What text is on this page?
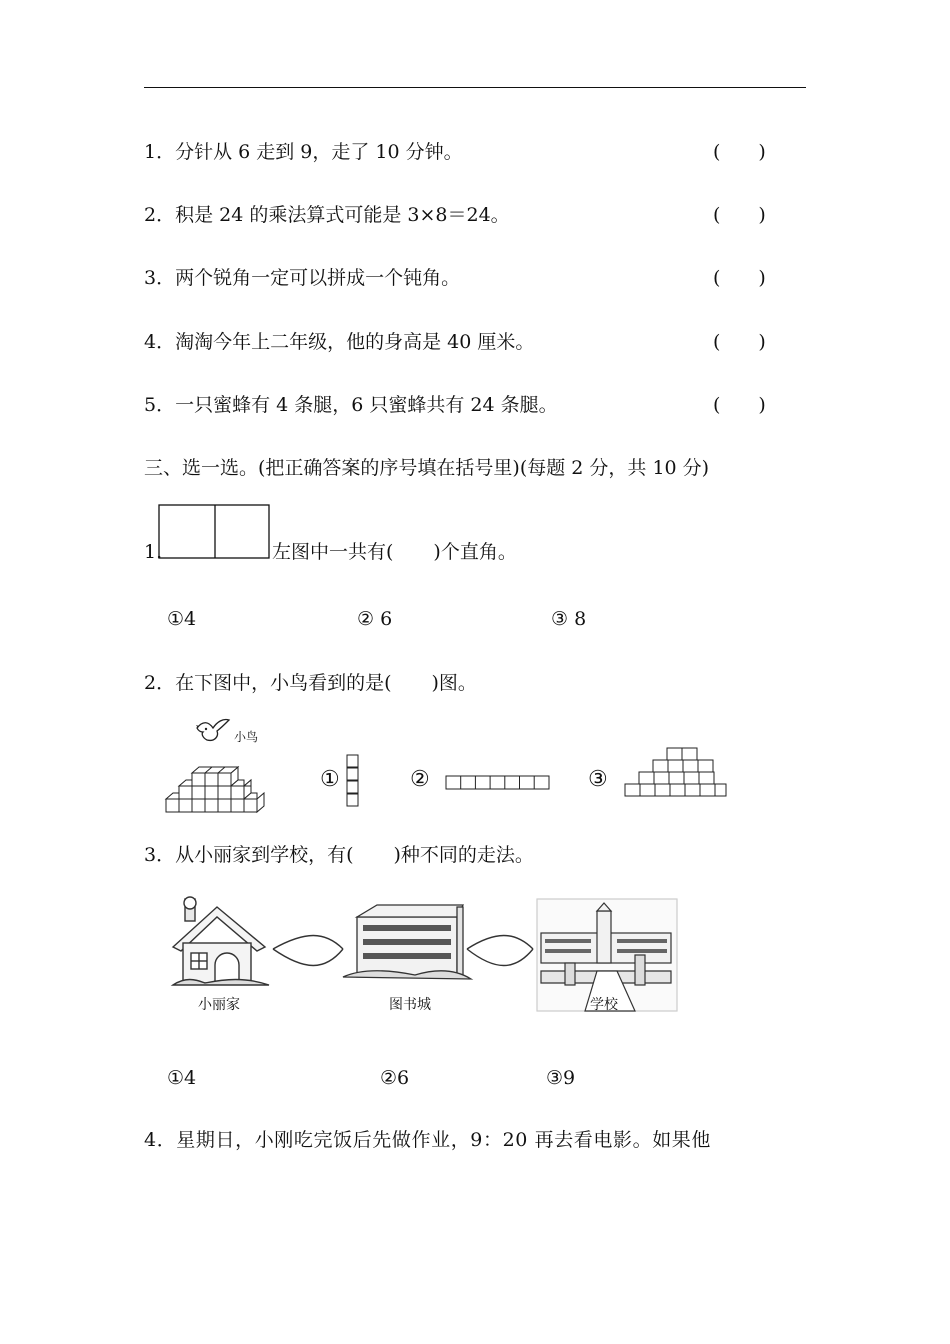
1．分针从 6 走到 9，走了 10 分钟。	(　　)
2．积是 24 的乘法算式可能是 3×8＝24。	(　　)
3．两个锐角一定可以拼成一个钝角。	(　　)
4．淘淘今年上二年级，他的身高是 40 厘米。	(　　)
5．一只蜜蜂有 4 条腿，6 只蜜蜂共有 24 条腿。	(　　)
三、选一选。(把正确答案的序号填在括号里)(每题 2 分，共 10 分)
1.	左图中一共有( )个直角。
①4	② 6	③ 8
2．在下图中，小鸟看到的是( )图。
小鸟
①	②	③
3．从小丽家到学校，有( )种不同的走法。
小丽家	图书城	学校
①4	②6	③9
4．星期日，小刚吃完饭后先做作业，9：20 再去看电影。如果他
